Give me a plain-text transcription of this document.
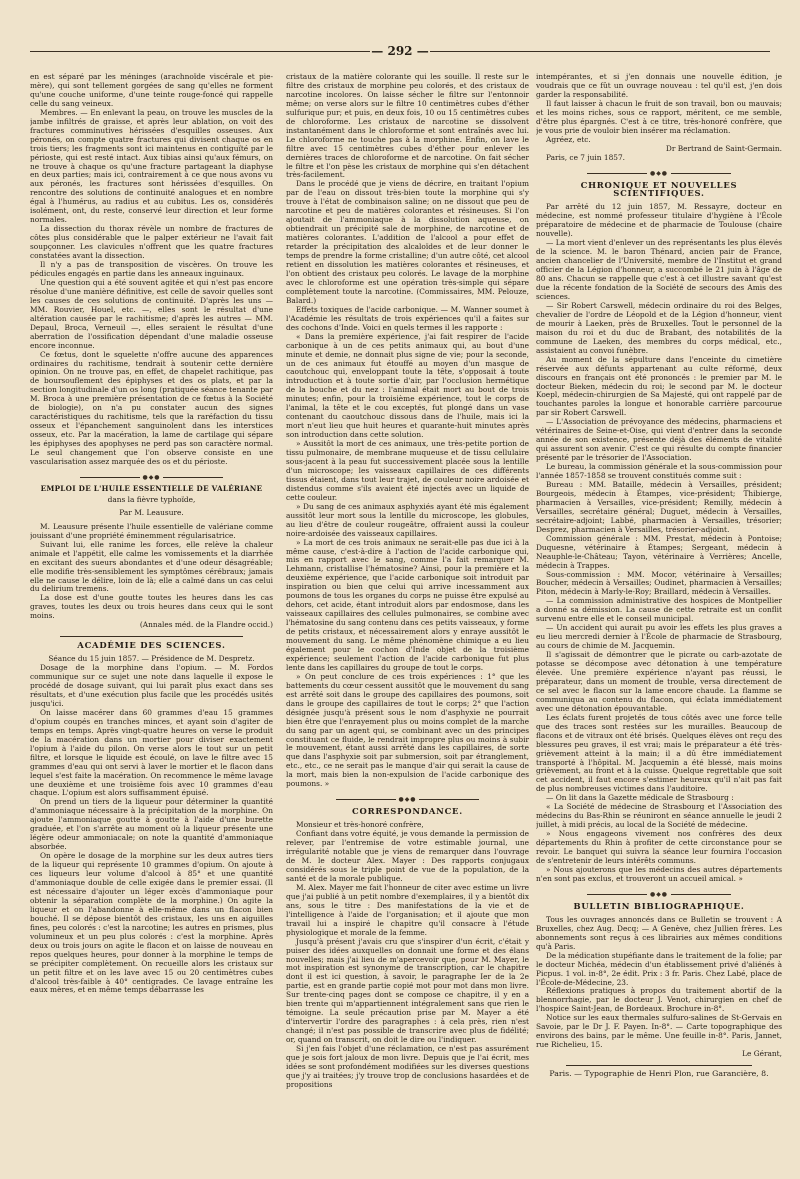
— 292 —

en est séparé par les méninges (arachnoïde viscérale et pie-mère), qui sont tellement gorgées de sang qu'elles ne forment qu'une couche uniforme, d'une teinte rouge-foncé qui rappelle celle du sang veineux.

Membres. — En enlevant la peau, on trouve les muscles de la jambe infiltrés de graisse, et après leur ablation, on voit des fractures comminutives hérissées d'esquilles osseuses. Aux péronés, on compte quatre fractures qui divisent chaque os en trois tiers; les fragments sont ici maintenus en contiguïté par le périoste, qui est resté intact. Aux tibias ainsi qu'aux fémurs, on ne trouve à chaque os qu'une fracture partageant la diaphyse en deux parties; mais ici, contrairement à ce que nous avons vu aux péronés, les fractures sont hérissées d'esquilles. On rencontre des solutions de continuité analogues et en nombre égal à l'humérus, au radius et au cubitus. Les os, considérés isolément, ont, du reste, conservé leur direction et leur forme normales.

La dissection du thorax révèle un nombre de fractures de côtes plus considérable que le palper extérieur ne l'avait fait soupçonner. Les clavicules n'offrent que les quatre fractures constatées avant la dissection.

Il n'y a pas de transposition de viscères. On trouve les pédicules engagés en partie dans les anneaux inguinaux.

Une question qui a été souvent agitée et qui n'est pas encore résolue d'une manière définitive, est celle de savoir quelles sont les causes de ces solutions de continuité. D'après les uns — MM. Rouvier, Houel, etc. —, elles sont le résultat d'une altération causée par le rachitisme; d'après les autres — MM. Depaul, Broca, Verneuil —, elles seraient le résultat d'une aberration de l'ossification dépendant d'une maladie osseuse encore inconnue.

Ce fœtus, dont le squelette n'offre aucune des apparences ordinaires du rachitisme, tendrait à soutenir cette dernière opinion. On ne trouve pas, en effet, de chapelet rachitique, pas de boursouflement des épiphyses et des os plats, et par la section longitudinale d'un os long (pratiquée séance tenante par M. Broca à une première présentation de ce fœtus à la Société de biologie), on n'a pu constater aucun des signes caractéristiques du rachitisme, tels que la raréfaction du tissu osseux et l'épanchement sanguinolent dans les interstices osseux, etc. Par la macération, la lame de cartilage qui sépare les épiphyses des apophyses ne perd pas son caractère normal. Le seul changement que l'on observe consiste en une vascularisation assez marquée des os et du périoste.

●◆●

EMPLOI DE L'HUILE ESSENTIELLE DE VALÉRIANE

dans la fièvre typhoïde,

Par M. Leausure.

M. Leausure présente l'huile essentielle de valériane comme jouissant d'une propriété éminemment régularisatrice.

Suivant lui, elle ranime les forces, elle relève la chaleur animale et l'appétit, elle calme les vomissements et la diarrhée en excitant des sueurs abondantes et d'une odeur désagréable; elle modifie très-sensiblement les symptômes cérébraux; jamais elle ne cause le délire, loin de là; elle a calmé dans un cas celui du delirium tremens.

La dose est d'une goutte toutes les heures dans les cas graves, toutes les deux ou trois heures dans ceux qui le sont moins.

(Annales méd. de la Flandre occid.)

ACADÉMIE DES SCIENCES.

Séance du 15 juin 1857. — Présidence de M. Despretz.

Dosage de la morphine dans l'opium. — M. Fordos communique sur ce sujet une note dans laquelle il expose le procédé de dosage suivant, qui lui paraît plus exact dans ses résultats, et d'une exécution plus facile que les procédés usités jusqu'ici.

On laisse macérer dans 60 grammes d'eau 15 grammes d'opium coupés en tranches minces, et ayant soin d'agiter de temps en temps. Après vingt-quatre heures on verse le produit de la macération dans un mortier pour diviser exactement l'opium à l'aide du pilon. On verse alors le tout sur un petit filtre, et lorsque le liquide est écoulé, on lave le filtre avec 15 grammes d'eau qui ont servi à laver le mortier et le flacon dans lequel s'est faite la macération. On recommence le même lavage une deuxième et une troisième fois avec 10 grammes d'eau chaque. L'opium est alors suffisamment épuisé.

On prend un tiers de la liqueur pour déterminer la quantité d'ammoniaque nécessaire à la précipitation de la morphine. On ajoute l'ammoniaque goutte à goutte à l'aide d'une burette graduée, et l'on s'arrête au moment où la liqueur présente une légère odeur ammoniacale; on note la quantité d'ammoniaque absorbée.

On opère le dosage de la morphine sur les deux autres tiers de la liqueur qui représente 10 grammes d'opium. On ajoute à ces liqueurs leur volume d'alcool à 85° et une quantité d'ammoniaque double de celle exigée dans le premier essai. (Il est nécessaire d'ajouter un léger excès d'ammoniaque pour obtenir la séparation complète de la morphine.) On agite la liqueur et on l'abandonne à elle-même dans un flacon bien bouché. Il se dépose bientôt des cristaux, les uns en aiguilles fines, peu colorés : c'est la narcotine; les autres en prismes, plus volumineux et un peu plus colorés : c'est la morphine. Après deux ou trois jours on agite le flacon et on laisse de nouveau en repos quelques heures, pour donner à la morphine le temps de se précipiter complètement. On recueille alors les cristaux sur un petit filtre et on les lave avec 15 ou 20 centimètres cubes d'alcool très-faible à 40° centigrades. Ce lavage entraîne les eaux mères, et en même temps débarrasse les

cristaux de la matière colorante qui les souille. Il reste sur le filtre des cristaux de morphine peu colorés, et des cristaux de narcotine incolores. On laisse sécher le filtre sur l'entonnoir même; on verse alors sur le filtre 10 centimètres cubes d'éther sulfurique pur; et puis, en deux fois, 10 ou 15 centimètres cubes de chloroforme. Les cristaux de narcotine se dissolvent instantanément dans le chloroforme et sont entraînés avec lui. Le chloroforme ne touche pas à la morphine. Enfin, on lave le filtre avec 15 centimètres cubes d'éther pour enlever les dernières traces de chloroforme et de narcotine. On fait sécher le filtre et l'on pèse les cristaux de morphine qui s'en détachent très-facilement.

Dans le procédé que je viens de décrire, en traitant l'opium par de l'eau on dissout très-bien toute la morphine qui s'y trouve à l'état de combinaison saline; on ne dissout que peu de narcotine et peu de matières colorantes et résineuses. Si l'on ajoutait de l'ammoniaque à la dissolution aqueuse, on obtiendrait un précipité sale de morphine, de narcotine et de matières colorantes. L'addition de l'alcool a pour effet de retarder la précipitation des alcaloïdes et de leur donner le temps de prendre la forme cristalline; d'un autre côté, cet alcool retient en dissolution les matières colorantes et résineuses, et l'on obtient des cristaux peu colorés. Le lavage de la morphine avec le chloroforme est une opération très-simple qui sépare complètement toute la narcotine. (Commissaires, MM. Pelouze, Balard.)

Effets toxiques de l'acide carbonique. — M. Wanner soumet à l'Académie les résultats de trois expériences qu'il a faites sur des cochons d'Inde. Voici en quels termes il les rapporte :

« Dans la première expérience, j'ai fait respirer de l'acide carbonique à un de ces petits animaux qui, au bout d'une minute et demie, ne donnait plus signe de vie; pour la seconde, un de ces animaux fut étouffé au moyen d'un masque de caoutchouc qui, enveloppant toute la tête, s'opposait à toute introduction et à toute sortie d'air, par l'occlusion hermétique de la bouche et du nez : l'animal était mort au bout de trois minutes; enfin, pour la troisième expérience, tout le corps de l'animal, la tête et le cou exceptés, fut plongé dans un vase contenant du caoutchouc dissous dans de l'huile, mais ici la mort n'eut lieu que huit heures et quarante-huit minutes après son introduction dans cette solution.

» Aussitôt la mort de ces animaux, une très-petite portion de tissu pulmonaire, de membrane muqueuse et de tissu cellulaire sous-jacent à la peau fut successivement placée sous la lentille d'un microscope; les vaisseaux capillaires de ces différents tissus étaient, dans tout leur trajet, de couleur noire ardoisée et distendus comme s'ils avaient été injectés avec un liquide de cette couleur.

» Du sang de ces animaux asphyxiés ayant été mis également aussitôt leur mort sous la lentille du microscope, les globules, au lieu d'être de couleur rougeâtre, offraient aussi la couleur noire-ardoisée des vaisseaux capillaires.

» La mort de ces trois animaux ne serait-elle pas due ici à la même cause, c'est-à-dire à l'action de l'acide carbonique qui, mis en rapport avec le sang, comme l'a fait remarquer M. Lehmann, cristallise l'hématosine? Ainsi, pour la première et la deuxième expérience, que l'acide carbonique soit introduit par inspiration ou bien que celui qui arrive incessamment aux poumons de tous les organes du corps ne puisse être expulsé au dehors, cet acide, étant introduit alors par endosmose, dans les vaisseaux capillaires des cellules pulmonaires, se combine avec l'hématosine du sang contenu dans ces petits vaisseaux, y forme de petits cristaux, et nécessairement alors y enraye aussitôt le mouvement du sang. Le même phénomène chimique a eu lieu également pour le cochon d'Inde objet de la troisième expérience; seulement l'action de l'acide carbonique fut plus lente dans les capillaires du groupe de tout le corps.

» On peut conclure de ces trois expériences : 1° que les battements du cœur cessent aussitôt que le mouvement du sang est arrêté soit dans le groupe des capillaires des poumons, soit dans le groupe des capillaires de tout le corps; 2° que l'action désignée jusqu'à présent sous le nom d'asphyxie ne pourrait bien être que l'enrayement plus ou moins complet de la marche du sang par un agent qui, se combinant avec un des principes constituant ce fluide, le rendrait impropre plus ou moins à subir le mouvement, étant aussi arrêté dans les capillaires, de sorte que dans l'asphyxie soit par submersion, soit par étranglement, etc., etc., ce ne serait pas le manque d'air qui serait la cause de la mort, mais bien la non-expulsion de l'acide carbonique des poumons. »

●◆●

CORRESPONDANCE.

Monsieur et très-honoré confrère,

Confiant dans votre équité, je vous demande la permission de relever, par l'entremise de votre estimable journal, une irrégularité notable que je viens de remarquer dans l'ouvrage de M. le docteur Alex. Mayer : Des rapports conjugaux considérés sous le triple point de vue de la population, de la santé et de la morale publique.

M. Alex. Mayer me fait l'honneur de citer avec estime un livre que j'ai publié à un petit nombre d'exemplaires, il y a bientôt dix ans, sous le titre : Des manifestations de la vie et de l'intelligence à l'aide de l'organisation; et il ajoute que mon travail lui a inspiré le chapitre qu'il consacre à l'étude physiologique et morale de la femme.

Jusqu'à présent j'avais cru que s'inspirer d'un écrit, c'était y puiser des idées auxquelles on donnait une forme et des élans nouvelles; mais j'ai lieu de m'apercevoir que, pour M. Mayer, le mot inspiration est synonyme de transcription, car le chapitre dont il est ici question, à savoir, le paragraphe Ier de la 2e partie, est en grande partie copié mot pour mot dans mon livre. Sur trente-cinq pages dont se compose ce chapitre, il y en a bien trente qui m'appartiennent intégralement sans que rien le témoigne. La seule précaution prise par M. Mayer a été d'intervertir l'ordre des paragraphes : à cela près, rien n'est changé; il n'est pas possible de transcrire avec plus de fidélité; or, quand on transcrit, on doit le dire ou l'indiquer.

Si j'en fais l'objet d'une réclamation, ce n'est pas assurément que je sois fort jaloux de mon livre. Depuis que je l'ai écrit, mes idées se sont profondément modifiées sur les diverses questions que j'y ai traitées; j'y trouve trop de conclusions hasardées et de propositions

intempérantes, et si j'en donnais une nouvelle édition, je voudrais que ce fût un ouvrage nouveau : tel qu'il est, j'en dois garder la responsabilité.

Il faut laisser à chacun le fruit de son travail, bon ou mauvais; et les moins riches, sous ce rapport, méritent, ce me semble, d'être plus épargnés. C'est à ce titre, très-honoré confrère, que je vous prie de vouloir bien insérer ma réclamation.

Agréez, etc.

Dr Bertrand de Saint-Germain.

Paris, ce 7 juin 1857.

●◆●

CHRONIQUE ET NOUVELLES SCIENTIFIQUES.

Par arrêté du 12 juin 1857, M. Ressayre, docteur en médecine, est nommé professeur titulaire d'hygiène à l'École préparatoire de médecine et de pharmacie de Toulouse (chaire nouvelle).

— La mort vient d'enlever un des représentants les plus élevés de la science. M. le baron Thénard, ancien pair de France, ancien chancelier de l'Université, membre de l'Institut et grand officier de la Légion d'honneur, a succombé le 21 juin à l'âge de 80 ans. Chacun se rappelle que c'est à cet illustre savant qu'est due la récente fondation de la Société de secours des Amis des sciences.

— Sir Robert Carswell, médecin ordinaire du roi des Belges, chevalier de l'ordre de Léopold et de la Légion d'honneur, vient de mourir à Laeken, près de Bruxelles. Tout le personnel de la maison du roi et du duc de Brabant, des notabilités de la commune de Laeken, des membres du corps médical, etc., assistaient au convoi funèbre.

Au moment de la sépulture dans l'enceinte du cimetière réservée aux défunts appartenant au culte réformé, deux discours en français ont été prononcés : le premier par M. le docteur Bieken, médecin du roi; le second par M. le docteur Koepl, médecin-chirurgien de Sa Majesté, qui ont rappelé par de touchantes paroles la longue et honorable carrière parcourue par sir Robert Carswell.

— L'Association de prévoyance des médecins, pharmaciens et vétérinaires de Seine-et-Oise, qui vient d'entrer dans la seconde année de son existence, présente déjà des éléments de vitalité qui assurent son avenir. C'est ce qui résulte du compte financier présenté par le trésorier de l'Association.

Le bureau, la commission générale et la sous-commission pour l'année 1857-1858 se trouvent constitués comme suit :

Bureau : MM. Bataille, médecin à Versailles, président; Bourgeois, médecin à Étampes, vice-président; Thibierge, pharmacien à Versailles, vice-président; Remilly, médecin à Versailles, secrétaire général; Duguet, médecin à Versailles, secrétaire-adjoint; Labbé, pharmacien à Versailles, trésorier; Desprez, pharmacien à Versailles, trésorier-adjoint.

Commission générale : MM. Prestat, médecin à Pontoise; Duquesne, vétérinaire à Étampes; Sergeant, médecin à Neauphle-le-Château; Tayon, vétérinaire à Verrières; Ancelle, médecin à Trappes.

Sous-commission : MM. Mocor, vétérinaire à Versailles; Boucher, médecin à Versailles; Oudinet, pharmacien à Versailles; Piton, médecin à Marly-le-Roy; Braillard, médecin à Versailles.

— La commission administrative des hospices de Montpellier a donné sa démission. La cause de cette retraite est un conflit survenu entre elle et le conseil municipal.

— Un accident qui aurait pu avoir les effets les plus graves a eu lieu mercredi dernier à l'École de pharmacie de Strasbourg, au cours de chimie de M. Jacquemin.

Il s'agissait de démontrer que le picrate ou carb-azotate de potasse se décompose avec détonation à une température élevée. Une première expérience n'ayant pas réussi, le préparateur, dans un moment de trouble, versa directement de ce sel avec le flacon sur la lame encore chaude. La flamme se communiqua au contenu du flacon, qui éclata immédiatement avec une détonation épouvantable.

Les éclats furent projetés de tous côtés avec une force telle que des traces sont restées sur les murailles. Beaucoup de flacons et de vitraux ont été brisés. Quelques élèves ont reçu des blessures peu graves, il est vrai; mais le préparateur a été très-grièvement atteint à la main; il a dû être immédiatement transporté à l'hôpital. M. Jacquemin a été blessé, mais moins grièvement, au front et à la cuisse. Quelque regrettable que soit cet accident, il faut encore s'estimer heureux qu'il n'ait pas fait de plus nombreuses victimes dans l'auditoire.

— On lit dans la Gazette médicale de Strasbourg :

« La Société de médecine de Strasbourg et l'Association des médecins du Bas-Rhin se réuniront en séance annuelle le jeudi 2 juillet, à midi précis, au local de la Société de médecine.

» Nous engageons vivement nos confrères des deux départements du Rhin à profiter de cette circonstance pour se revoir. Le banquet qui suivra la séance leur fournira l'occasion de s'entretenir de leurs intérêts communs.

» Nous ajouterons que les médecins des autres départements n'en sont pas exclus, et trouveront un accueil amical. »

●◆●

BULLETIN BIBLIOGRAPHIQUE.

Tous les ouvrages annoncés dans ce Bulletin se trouvent : A Bruxelles, chez Aug. Decq; — A Genève, chez Jullien frères. Les abonnements sont reçus à ces librairies aux mêmes conditions qu'à Paris.

De la médication stupéfiante dans le traitement de la folie; par le docteur Michéa, médecin d'un établissement privé d'aliénés à Picpus. 1 vol. in-8°, 2e édit. Prix : 3 fr. Paris. Chez Labé, place de l'École-de-Médecine, 23.

Réflexions pratiques à propos du traitement abortif de la blennorrhagie, par le docteur J. Venot, chirurgien en chef de l'hospice Saint-Jean, de Bordeaux. Brochure in-8°.

Notice sur les eaux thermales sulfuro-salines de St-Gervais en Savoie, par le Dr J. F. Payen. In-8°. — Carte topographique des environs des bains, par le même. Une feuille in-8°. Paris, Jannet, rue Richelieu, 15.

Le Gérant,

Paris. — Typographie de Henri Plon, rue Garancière, 8.
